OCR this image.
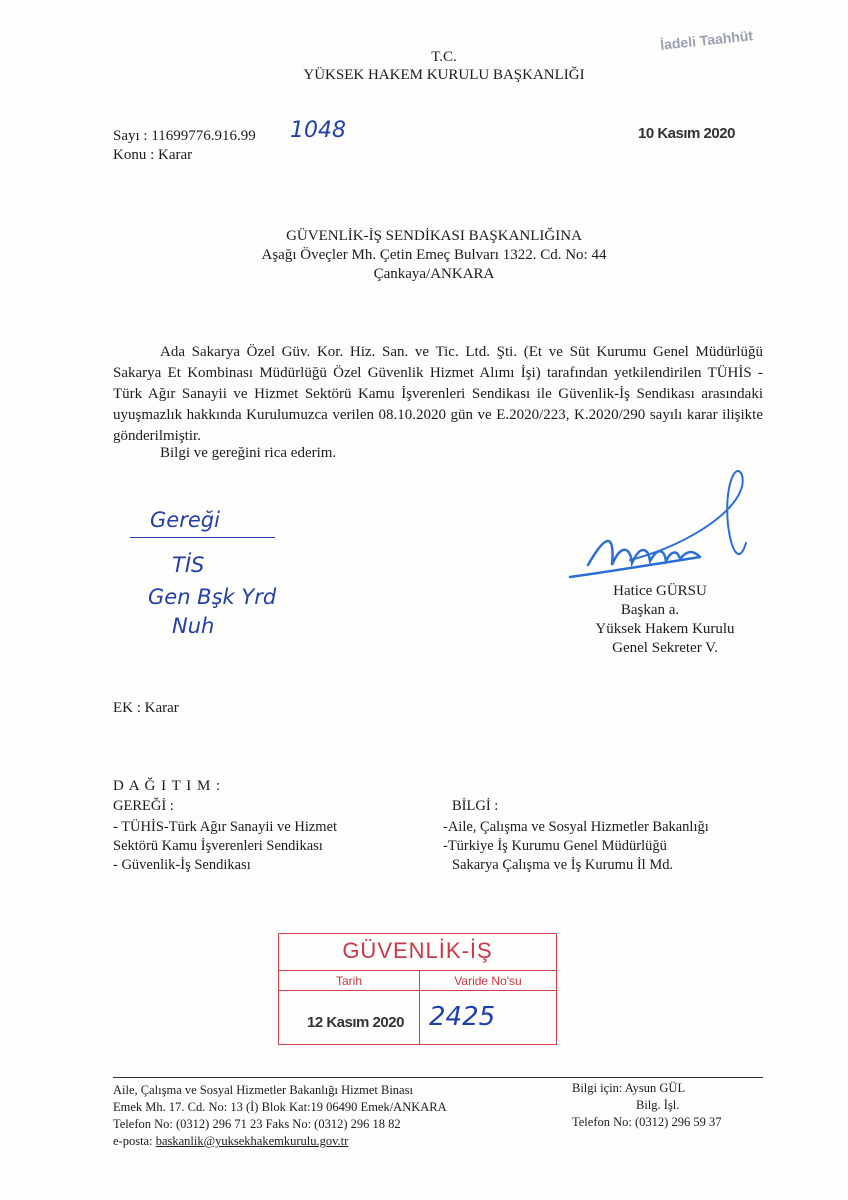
İadeli Taahhüt
T.C.
YÜKSEK HAKEM KURULU BAŞKANLIĞI
Sayı : 11699776.916.99 1048	10 Kasım 2020
Konu : Karar
GÜVENLİK-İŞ SENDİKASI BAŞKANLIĞINA
Aşağı Öveçler Mh. Çetin Emeç Bulvarı 1322. Cd. No: 44
Çankaya/ANKARA
Ada Sakarya Özel Güv. Kor. Hiz. San. ve Tic. Ltd. Şti. (Et ve Süt Kurumu Genel Müdürlüğü Sakarya Et Kombinası Müdürlüğü Özel Güvenlik Hizmet Alımı İşi) tarafından yetkilendirilen TÜHİS - Türk Ağır Sanayii ve Hizmet Sektörü Kamu İşverenleri Sendikası ile Güvenlik-İş Sendikası arasındaki uyuşmazlık hakkında Kurulumuzca verilen 08.10.2020 gün ve E.2020/223, K.2020/290 sayılı karar ilişikte gönderilmiştir.
Bilgi ve gereğini rica ederim.
Gereği
TİS
Gen Bşk Yrd
Nuh
Hatice GÜRSU
Başkan a.
Yüksek Hakem Kurulu
Genel Sekreter V.
EK : Karar
D A Ğ I T I M :
GEREĞİ :
- TÜHİS-Türk Ağır Sanayii ve Hizmet
Sektörü Kamu İşverenleri Sendikası
- Güvenlik-İş Sendikası
BİLGİ :
-Aile, Çalışma ve Sosyal Hizmetler Bakanlığı
-Türkiye İş Kurumu Genel Müdürlüğü
Sakarya Çalışma ve İş Kurumu İl Md.
GÜVENLİK-İŞ
Tarih	Varide No'su
12 Kasım 2020 2425
Aile, Çalışma ve Sosyal Hizmetler Bakanlığı Hizmet Binası
Emek Mh. 17. Cd. No: 13 (İ) Blok Kat:19 06490 Emek/ANKARA
Telefon No: (0312) 296 71 23 Faks No: (0312) 296 18 82
e-posta: baskanlik@yuksekhakemkurulu.gov.tr
Bilgi için: Aysun GÜL
Bilg. İşl.
Telefon No: (0312) 296 59 37
